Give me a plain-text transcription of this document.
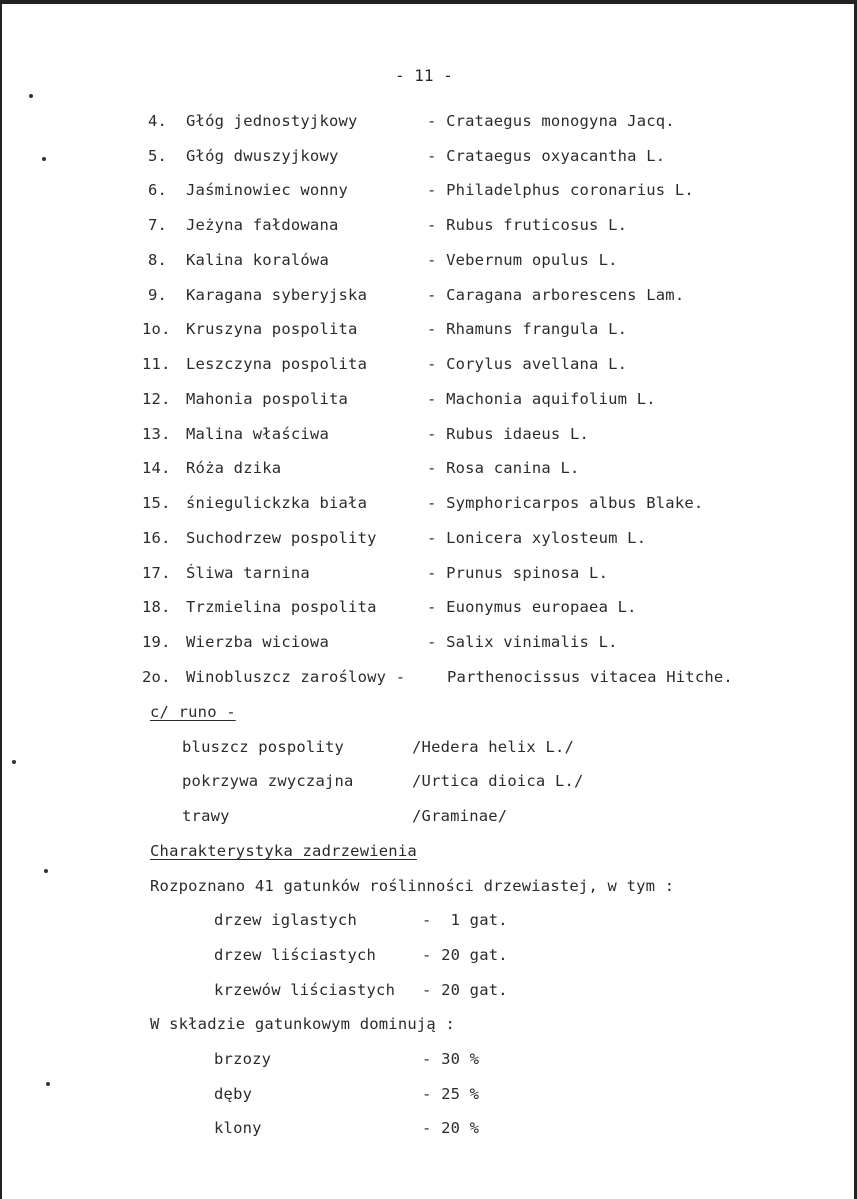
- 11 -
4. Głóg jednostyjkowy	- Crataegus monogyna Jacq.
5. Głóg dwuszyjkowy	- Crataegus oxyacantha L.
6. Jaśminowiec wonny	- Philadelphus coronarius L.
7. Jeżyna fałdowana	- Rubus fruticosus L.
8. Kalina koralówa	- Vebernum opulus L.
9. Karagana syberyjska	- Caragana arborescens Lam.
1o. Kruszyna pospolita	- Rhamuns frangula L.
11. Leszczyna pospolita	- Corylus avellana L.
12. Mahonia pospolita	- Machonia aquifolium L.
13. Malina właściwa	- Rubus idaeus L.
14. Róża dzika	- Rosa canina L.
15. śniegulickzka biała	- Symphoricarpos albus Blake.
16. Suchodrzew pospolity	- Lonicera xylosteum L.
17. Śliwa tarnina	- Prunus spinosa L.
18. Trzmielina pospolita	- Euonymus europaea L.
19. Wierzba wiciowa	- Salix vinimalis L.
2o. Winobluszcz zaroślowy -	Parthenocissus vitacea Hitche.
c/ runo -
bluszcz pospolity	/Hedera helix L./
pokrzywa zwyczajna	/Urtica dioica L./
trawy	/Graminae/
Charakterystyka zadrzewienia
Rozpoznano 41 gatunków roślinności drzewiastej, w tym :
drzew iglastych	-  1 gat.
drzew liściastych	- 20 gat.
krzewów liściastych - 20 gat.
W składzie gatunkowym dominują :
brzozy	- 30 %
dęby	- 25 %
klony	- 20 %
